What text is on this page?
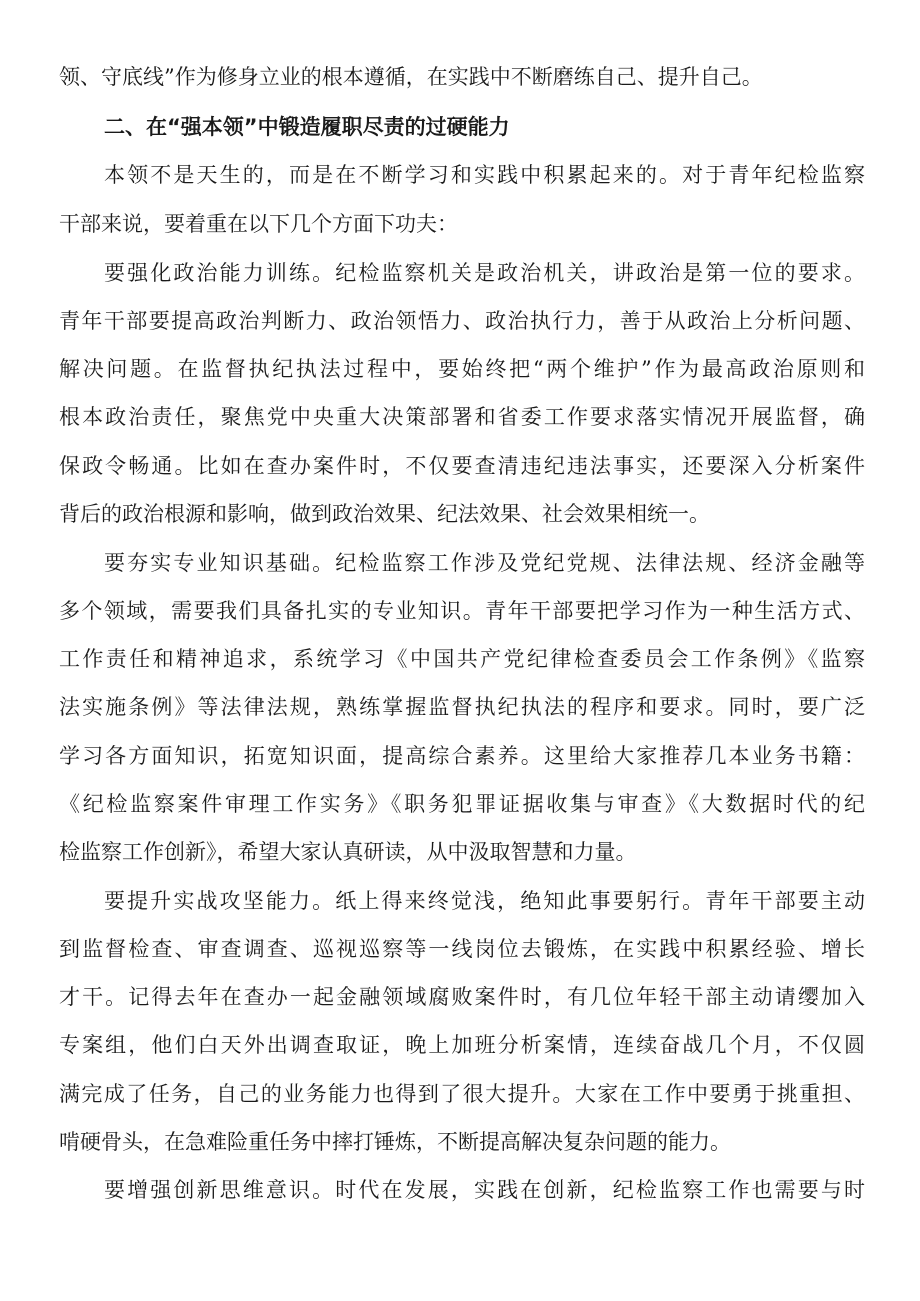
领、守底线”作为修身立业的根本遵循，在实践中不断磨练自己、提升自己。
二、在“强本领”中锻造履职尽责的过硬能力
本领不是天生的，而是在不断学习和实践中积累起来的。对于青年纪检监察
干部来说，要着重在以下几个方面下功夫：
要强化政治能力训练。纪检监察机关是政治机关，讲政治是第一位的要求。
青年干部要提高政治判断力、政治领悟力、政治执行力，善于从政治上分析问题、
解决问题。在监督执纪执法过程中，要始终把“两个维护”作为最高政治原则和
根本政治责任，聚焦党中央重大决策部署和省委工作要求落实情况开展监督，确
保政令畅通。比如在查办案件时，不仅要查清违纪违法事实，还要深入分析案件
背后的政治根源和影响，做到政治效果、纪法效果、社会效果相统一。
要夯实专业知识基础。纪检监察工作涉及党纪党规、法律法规、经济金融等
多个领域，需要我们具备扎实的专业知识。青年干部要把学习作为一种生活方式、
工作责任和精神追求，系统学习《中国共产党纪律检查委员会工作条例》《监察
法实施条例》等法律法规，熟练掌握监督执纪执法的程序和要求。同时，要广泛
学习各方面知识，拓宽知识面，提高综合素养。这里给大家推荐几本业务书籍：
《纪检监察案件审理工作实务》《职务犯罪证据收集与审查》《大数据时代的纪
检监察工作创新》，希望大家认真研读，从中汲取智慧和力量。
要提升实战攻坚能力。纸上得来终觉浅，绝知此事要躬行。青年干部要主动
到监督检查、审查调查、巡视巡察等一线岗位去锻炼，在实践中积累经验、增长
才干。记得去年在查办一起金融领域腐败案件时，有几位年轻干部主动请缨加入
专案组，他们白天外出调查取证，晚上加班分析案情，连续奋战几个月，不仅圆
满完成了任务，自己的业务能力也得到了很大提升。大家在工作中要勇于挑重担、
啃硬骨头，在急难险重任务中摔打锤炼，不断提高解决复杂问题的能力。
要增强创新思维意识。时代在发展，实践在创新，纪检监察工作也需要与时
